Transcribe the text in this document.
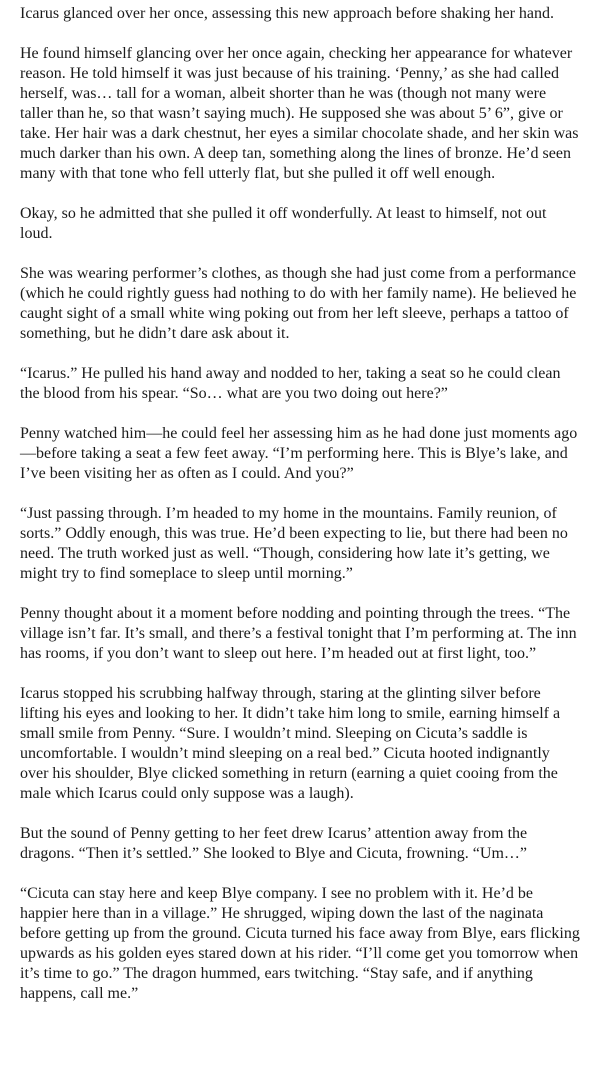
Icarus glanced over her once, assessing this new approach before shaking her hand.

He found himself glancing over her once again, checking her appearance for whatever reason. He told himself it was just because of his training. ‘Penny,’ as she had called herself, was… tall for a woman, albeit shorter than he was (though not many were taller than he, so that wasn’t saying much). He supposed she was about 5’ 6”, give or take. Her hair was a dark chestnut, her eyes a similar chocolate shade, and her skin was much darker than his own. A deep tan, something along the lines of bronze. He’d seen many with that tone who fell utterly flat, but she pulled it off well enough.

Okay, so he admitted that she pulled it off wonderfully. At least to himself, not out loud.

She was wearing performer’s clothes, as though she had just come from a performance (which he could rightly guess had nothing to do with her family name). He believed he caught sight of a small white wing poking out from her left sleeve, perhaps a tattoo of something, but he didn’t dare ask about it.

“Icarus.” He pulled his hand away and nodded to her, taking a seat so he could clean the blood from his spear. “So… what are you two doing out here?”

Penny watched him—he could feel her assessing him as he had done just moments ago—before taking a seat a few feet away. “I’m performing here. This is Blye’s lake, and I’ve been visiting her as often as I could. And you?”

“Just passing through. I’m headed to my home in the mountains. Family reunion, of sorts.” Oddly enough, this was true. He’d been expecting to lie, but there had been no need. The truth worked just as well. “Though, considering how late it’s getting, we might try to find someplace to sleep until morning.”

Penny thought about it a moment before nodding and pointing through the trees. “The village isn’t far. It’s small, and there’s a festival tonight that I’m performing at. The inn has rooms, if you don’t want to sleep out here. I’m headed out at first light, too.”

Icarus stopped his scrubbing halfway through, staring at the glinting silver before lifting his eyes and looking to her. It didn’t take him long to smile, earning himself a small smile from Penny. “Sure. I wouldn’t mind. Sleeping on Cicuta’s saddle is uncomfortable. I wouldn’t mind sleeping on a real bed.” Cicuta hooted indignantly over his shoulder, Blye clicked something in return (earning a quiet cooing from the male which Icarus could only suppose was a laugh).

But the sound of Penny getting to her feet drew Icarus’ attention away from the dragons. “Then it’s settled.” She looked to Blye and Cicuta, frowning. “Um…”

“Cicuta can stay here and keep Blye company. I see no problem with it. He’d be happier here than in a village.” He shrugged, wiping down the last of the naginata before getting up from the ground. Cicuta turned his face away from Blye, ears flicking upwards as his golden eyes stared down at his rider. “I’ll come get you tomorrow when it’s time to go.” The dragon hummed, ears twitching. “Stay safe, and if anything happens, call me.”
